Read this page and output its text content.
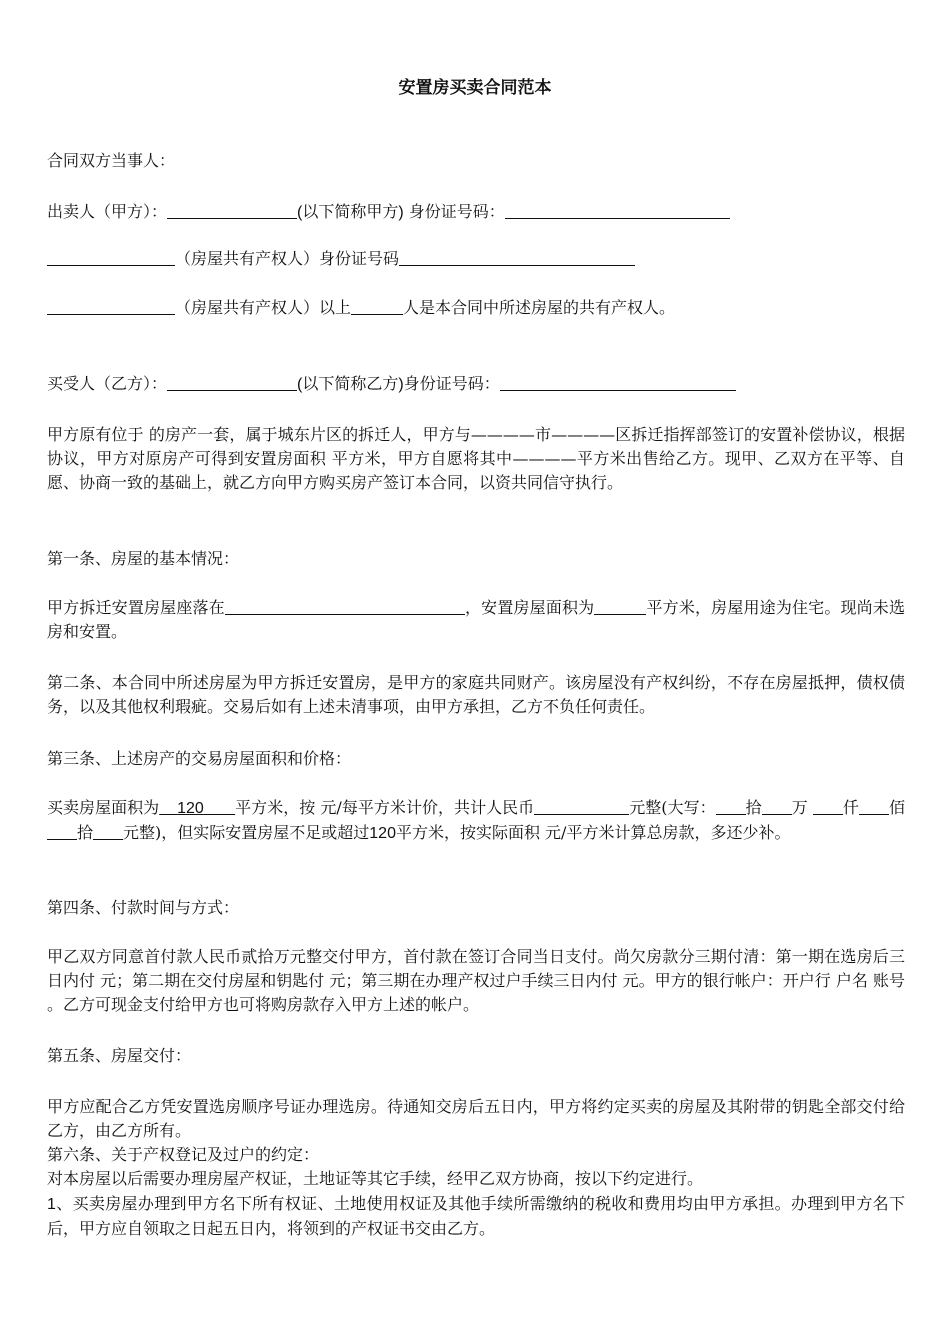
安置房买卖合同范本
合同双方当事人：
出卖人（甲方）：	(以下简称甲方) 身份证号码：
（房屋共有产权人）身份证号码
（房屋共有产权人）以上	人是本合同中所述房屋的共有产权人。
买受人（乙方）：	(以下简称乙方)身份证号码：
甲方原有位于 的房产一套，属于城东片区的拆迁人，甲方与————市————区拆迁指挥部签订的安置补偿协议，根据协议，甲方对原房产可得到安置房面积 平方米，甲方自愿将其中————平方米出售给乙方。现甲、乙双方在平等、自愿、协商一致的基础上，就乙方向甲方购买房产签订本合同，以资共同信守执行。
第一条、房屋的基本情况：
甲方拆迁安置房屋座落在	，安置房屋面积为	平方米，房屋用途为住宅。现尚未选房和安置。
第二条、本合同中所述房屋为甲方拆迁安置房，是甲方的家庭共同财产。该房屋没有产权纠纷，不存在房屋抵押，债权债务，以及其他权利瑕疵。交易后如有上述未清事项，由甲方承担，乙方不负任何责任。
第三条、上述房产的交易房屋面积和价格：
买卖房屋面积为 120 平方米，按 元/每平方米计价，共计人民币	元整(大写： 拾 万 仟 佰拾 元整)，但实际安置房屋不足或超过120平方米，按实际面积 元/平方米计算总房款，多还少补。
第四条、付款时间与方式：
甲乙双方同意首付款人民币贰拾万元整交付甲方，首付款在签订合同当日支付。尚欠房款分三期付清：第一期在选房后三日内付 元；第二期在交付房屋和钥匙付 元；第三期在办理产权过户手续三日内付 元。甲方的银行帐户：开户行 户名 账号 。乙方可现金支付给甲方也可将购房款存入甲方上述的帐户。
第五条、房屋交付：
甲方应配合乙方凭安置选房顺序号证办理选房。待通知交房后五日内，甲方将约定买卖的房屋及其附带的钥匙全部交付给乙方，由乙方所有。
第六条、关于产权登记及过户的约定：
对本房屋以后需要办理房屋产权证，土地证等其它手续，经甲乙双方协商，按以下约定进行。
1、买卖房屋办理到甲方名下所有权证、土地使用权证及其他手续所需缴纳的税收和费用均由甲方承担。办理到甲方名下后，甲方应自领取之日起五日内，将领到的产权证书交由乙方。
